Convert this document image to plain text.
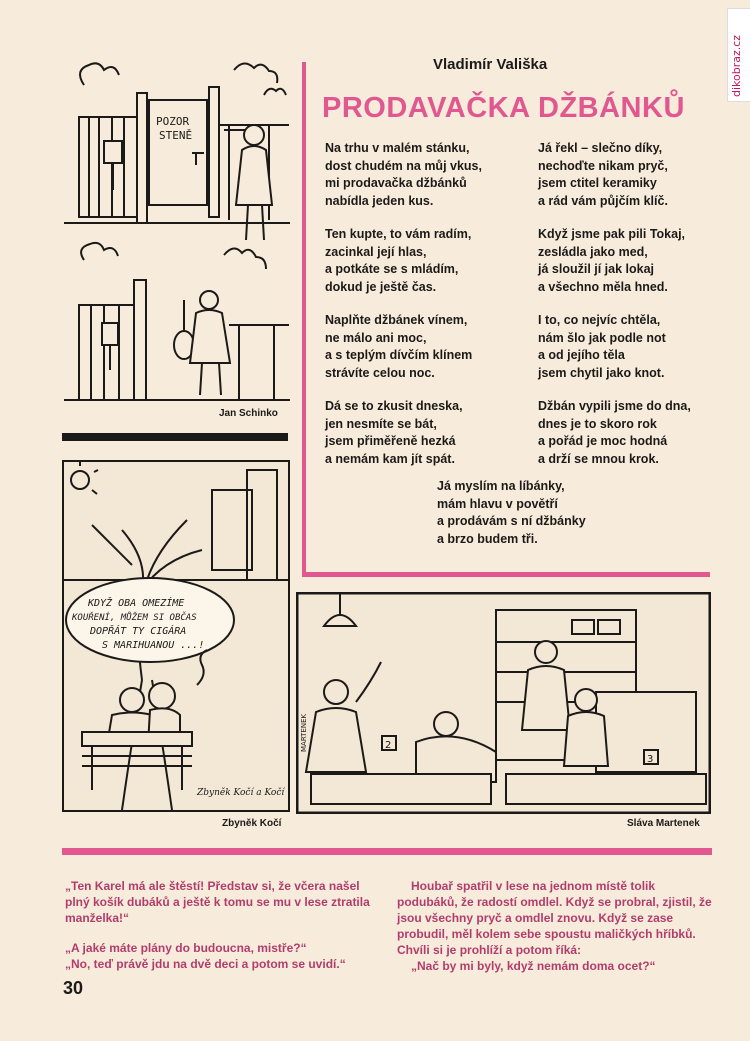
dikobraz.cz
POZOR
STENĚ
Jan Schinko
KDYŽ OBA OMEZÍME
KOUŘENÍ, MŮŽEM SI OBČAS
DOPŘÁT TY CIGÁRA
S MARIHUANOU ...!
Zbyněk Kočí a Kočí
Zbyněk Kočí
2
3
MARTENEK
Sláva Martenek
Vladimír Vališka
PRODAVAČKA DŽBÁNKŮ
Na trhu v malém stánku,
dost chudém na můj vkus,
mi prodavačka džbánků
nabídla jeden kus.
Ten kupte, to vám radím,
zacinkal její hlas,
a potkáte se s mládím,
dokud je ještě čas.
Naplňte džbánek vínem,
ne málo ani moc,
a s teplým dívčím klínem
strávíte celou noc.
Dá se to zkusit dneska,
jen nesmíte se bát,
jsem přiměřeně hezká
a nemám kam jít spát.
Já řekl – slečno díky,
nechoďte nikam pryč,
jsem ctitel keramiky
a rád vám půjčím klíč.
Když jsme pak pili Tokaj,
zesládla jako med,
já sloužil jí jak lokaj
a všechno měla hned.
I to, co nejvíc chtěla,
nám šlo jak podle not
a od jejího těla
jsem chytil jako knot.
Džbán vypili jsme do dna,
dnes je to skoro rok
a pořád je moc hodná
a drží se mnou krok.
Já myslím na líbánky,
mám hlavu v povětří
a prodávám s ní džbánky
a brzo budem tři.

„Ten Karel má ale štěstí! Představ si, že včera našel plný košík dubáků a ještě k tomu se mu v lese ztratila manželka!“

„A jaké máte plány do budoucna, mistře?“

„No, teď právě jdu na dvě deci a potom se uvidí.“

Houbař spatřil v lese na jednom místě tolik podubáků, že radostí omdlel. Když se probral, zjistil, že jsou všechny pryč a omdlel znovu. Když se zase probudil, měl kolem sebe spoustu maličkých hříbků. Chvíli si je prohlíží a potom říká:

„Nač by mi byly, když nemám doma ocet?“

30
